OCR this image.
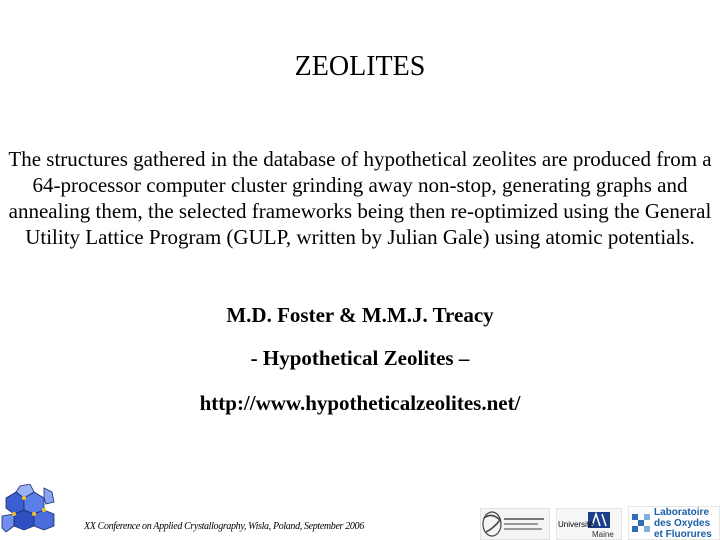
ZEOLITES

The structures gathered in the database of hypothetical zeolites are produced from a 64-processor computer cluster grinding away non-stop, generating graphs and annealing them, the selected frameworks being then re-optimized using the General Utility Lattice Program (GULP, written by Julian Gale) using atomic potentials.

M.D. Foster & M.M.J. Treacy
- Hypothetical Zeolites –
http://www.hypotheticalzeolites.net/
XX Conference on Applied Crystallography, Wisla, Poland, September 2006	Université
Maine
Laboratoire
des Oxydes
et Fluorures
